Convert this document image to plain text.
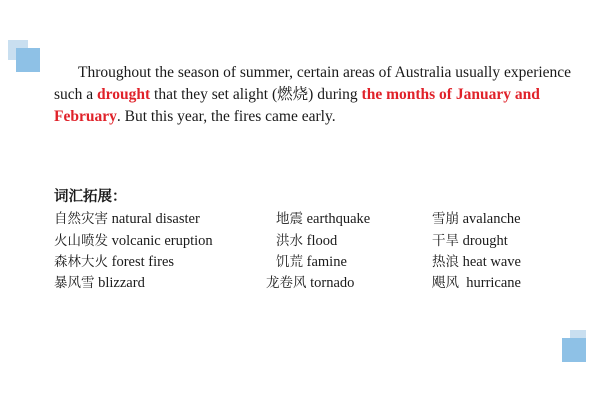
Throughout the season of summer, certain areas of Australia usually experience such a drought that they set alight (燃烧) during the months of January and February. But this year, the fires came early.
词汇拓展：
自然灾害 natural disaster	地震 earthquake	雪崩 avalanche
火山喷发 volcanic eruption	洪水 flood	干旱 drought
森林大火 forest fires	饥荒 famine	热浪 heat wave
暴风雪 blizzard	龙卷风 tornado	飓风  hurricane
